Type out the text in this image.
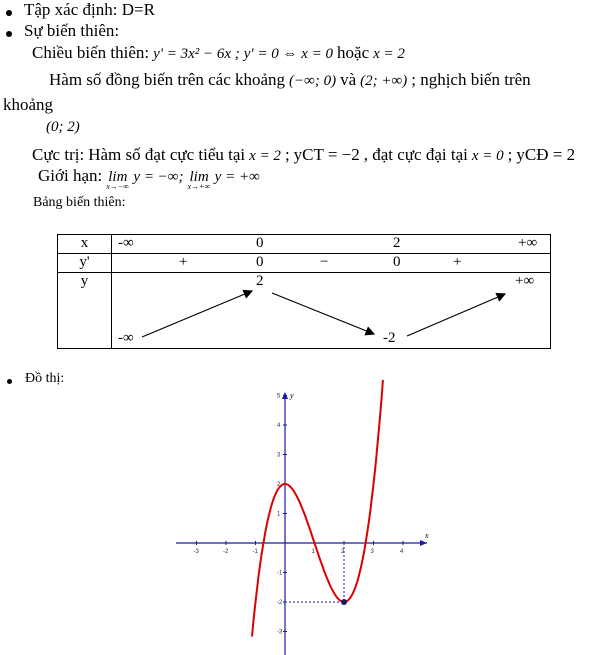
Tập xác định: D=R
Sự biến thiên:
Chiều biến thiên: y' = 3x² − 6x ; y' = 0 ⇔ x = 0 hoặc x = 2
Hàm số đồng biến trên các khoảng (−∞; 0) và (2; +∞) ; nghịch biến trên
khoảng
(0; 2)
Cực trị: Hàm số đạt cực tiểu tại x = 2 ; yCT = −2 , đạt cực đại tại x = 0 ; yCĐ = 2
Giới hạn: lim
x→−∞
y = −∞; lim
x→+∞
y = +∞
Bảng biến thiên:
x	-∞ 0 2 +∞

y'	+ 0 − 0 +

y	-∞
2
-2
+∞
Đồ thị:
x
y
-3	-2	-1	1	2	3	4
5
4
3
2
1
-1
-2
-3
